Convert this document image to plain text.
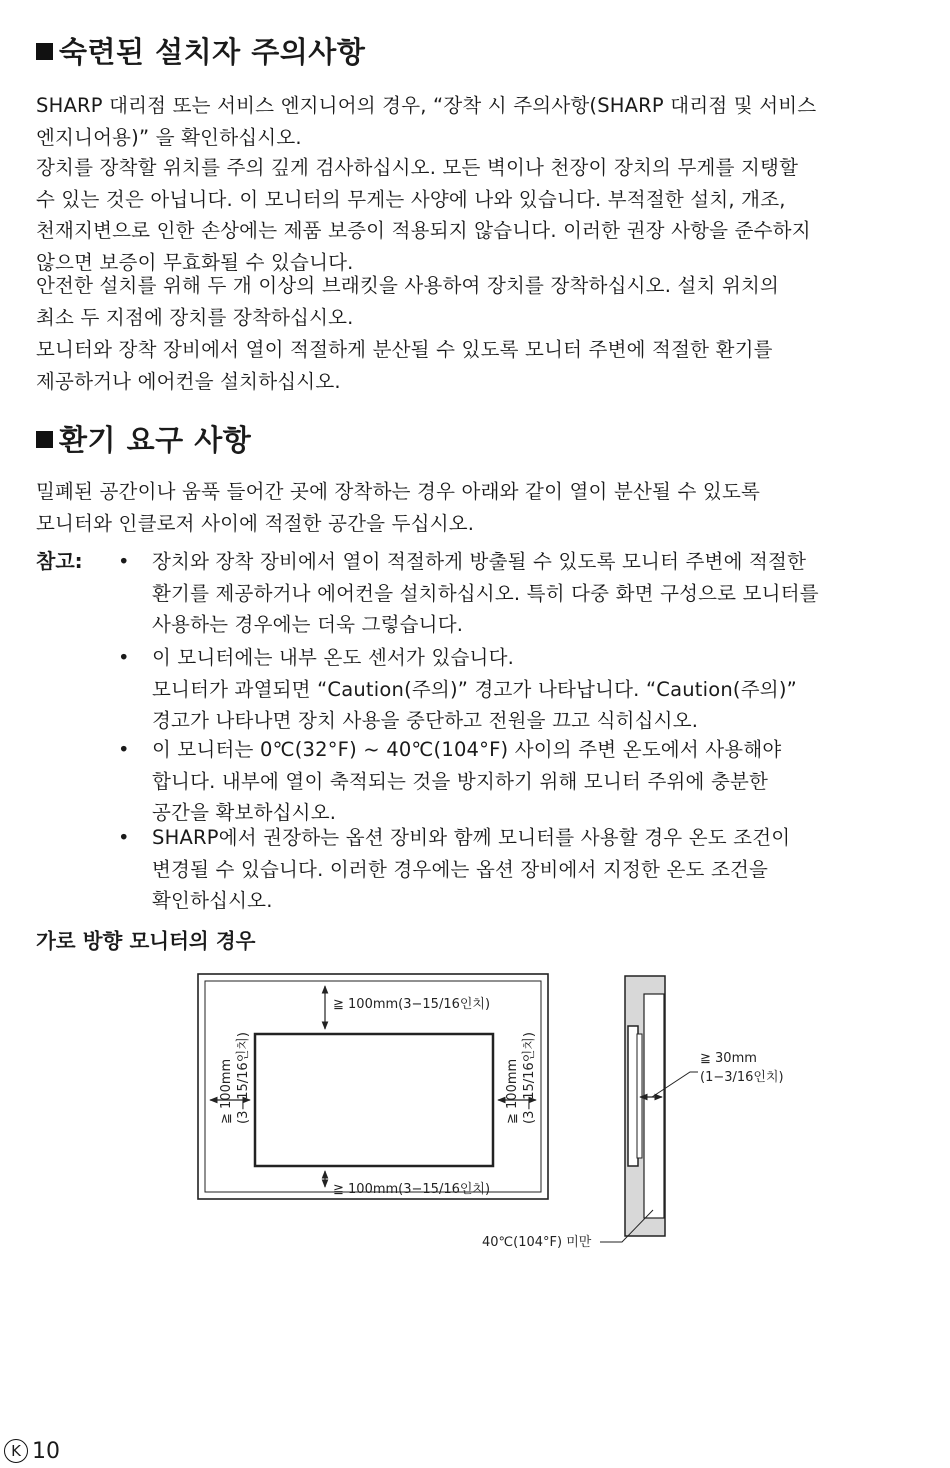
숙련된 설치자 주의사항

SHARP 대리점 또는 서비스 엔지니어의 경우, “장착 시 주의사항(SHARP 대리점 및 서비스
엔지니어용)” 을 확인하십시오.

장치를 장착할 위치를 주의 깊게 검사하십시오. 모든 벽이나 천장이 장치의 무게를 지탱할
수 있는 것은 아닙니다. 이 모니터의 무게는 사양에 나와 있습니다. 부적절한 설치, 개조,
천재지변으로 인한 손상에는 제품 보증이 적용되지 않습니다. 이러한 권장 사항을 준수하지
않으면 보증이 무효화될 수 있습니다.

안전한 설치를 위해 두 개 이상의 브래킷을 사용하여 장치를 장착하십시오. 설치 위치의
최소 두 지점에 장치를 장착하십시오.

모니터와 장착 장비에서 열이 적절하게 분산될 수 있도록 모니터 주변에 적절한 환기를
제공하거나 에어컨을 설치하십시오.

환기 요구 사항

밀폐된 공간이나 움푹 들어간 곳에 장착하는 경우 아래와 같이 열이 분산될 수 있도록
모니터와 인클로저 사이에 적절한 공간을 두십시오.

참고: • 장치와 장착 장비에서 열이 적절하게 방출될 수 있도록 모니터 주변에 적절한
환기를 제공하거나 에어컨을 설치하십시오. 특히 다중 화면 구성으로 모니터를
사용하는 경우에는 더욱 그렇습니다.

• 이 모니터에는 내부 온도 센서가 있습니다.
모니터가 과열되면 “Caution(주의)” 경고가 나타납니다. “Caution(주의)”
경고가 나타나면 장치 사용을 중단하고 전원을 끄고 식히십시오.

• 이 모니터는 0℃(32°F) ~ 40℃(104°F) 사이의 주변 온도에서 사용해야
합니다. 내부에 열이 축적되는 것을 방지하기 위해 모니터 주위에 충분한
공간을 확보하십시오.

• SHARP에서 권장하는 옵션 장비와 함께 모니터를 사용할 경우 온도 조건이
변경될 수 있습니다. 이러한 경우에는 옵션 장비에서 지정한 온도 조건을
확인하십시오.

가로 방향 모니터의 경우
≧ 100mm(3−15/16인치)
≧ 100mm(3−15/16인치)
≧ 100mm (3−15/16인치)	≧ 100mm (3−15/16인치)	≧ 30mm
(1−3/16인치)
40℃(104°F) 미만
K 10
